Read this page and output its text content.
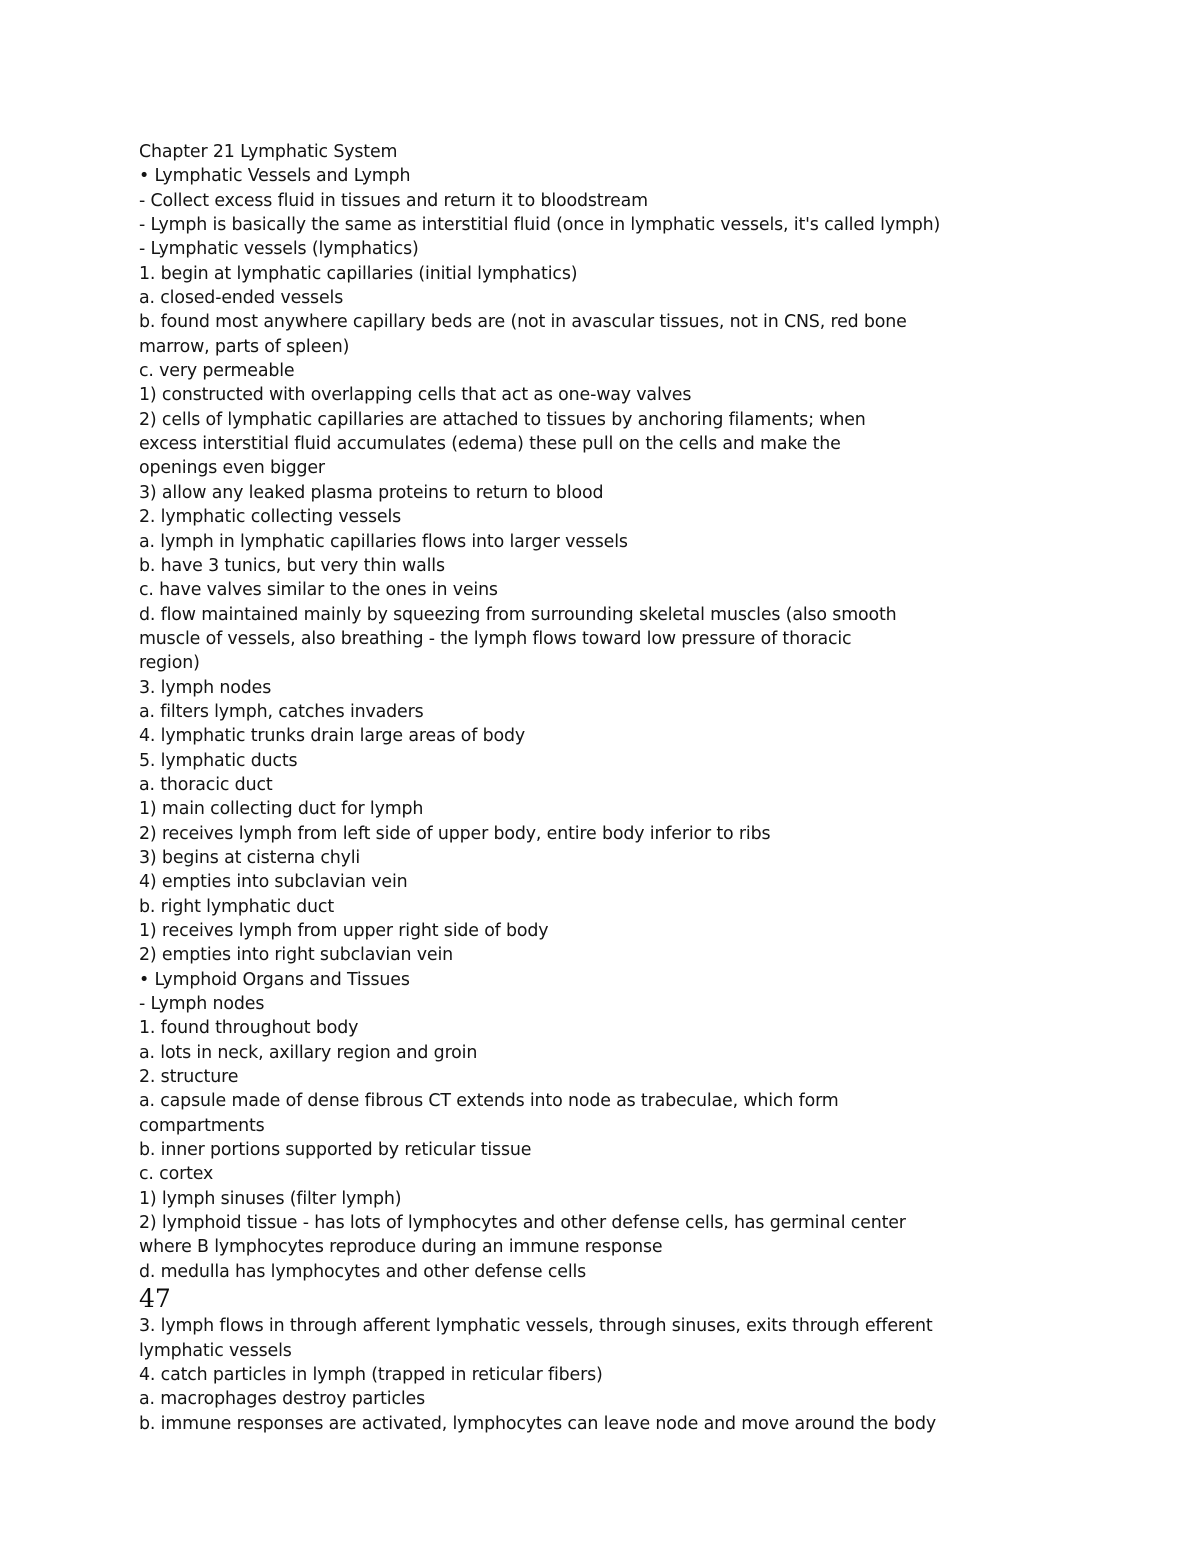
Chapter 21 Lymphatic System
• Lymphatic Vessels and Lymph
- Collect excess fluid in tissues and return it to bloodstream
- Lymph is basically the same as interstitial fluid (once in lymphatic vessels, it's called lymph)
- Lymphatic vessels (lymphatics)
1. begin at lymphatic capillaries (initial lymphatics)
a. closed-ended vessels
b. found most anywhere capillary beds are (not in avascular tissues, not in CNS, red bone
marrow, parts of spleen)
c. very permeable
1) constructed with overlapping cells that act as one-way valves
2) cells of lymphatic capillaries are attached to tissues by anchoring filaments; when
excess interstitial fluid accumulates (edema) these pull on the cells and make the
openings even bigger
3) allow any leaked plasma proteins to return to blood
2. lymphatic collecting vessels
a. lymph in lymphatic capillaries flows into larger vessels
b. have 3 tunics, but very thin walls
c. have valves similar to the ones in veins
d. flow maintained mainly by squeezing from surrounding skeletal muscles (also smooth
muscle of vessels, also breathing - the lymph flows toward low pressure of thoracic
region)
3. lymph nodes
a. filters lymph, catches invaders
4. lymphatic trunks drain large areas of body
5. lymphatic ducts
a. thoracic duct
1) main collecting duct for lymph
2) receives lymph from left side of upper body, entire body inferior to ribs
3) begins at cisterna chyli
4) empties into subclavian vein
b. right lymphatic duct
1) receives lymph from upper right side of body
2) empties into right subclavian vein
• Lymphoid Organs and Tissues
- Lymph nodes
1. found throughout body
a. lots in neck, axillary region and groin
2. structure
a. capsule made of dense fibrous CT extends into node as trabeculae, which form
compartments
b. inner portions supported by reticular tissue
c. cortex
1) lymph sinuses (filter lymph)
2) lymphoid tissue - has lots of lymphocytes and other defense cells, has germinal center
where B lymphocytes reproduce during an immune response
d. medulla has lymphocytes and other defense cells
47
3. lymph flows in through afferent lymphatic vessels, through sinuses, exits through efferent
lymphatic vessels
4. catch particles in lymph (trapped in reticular fibers)
a. macrophages destroy particles
b. immune responses are activated, lymphocytes can leave node and move around the body
